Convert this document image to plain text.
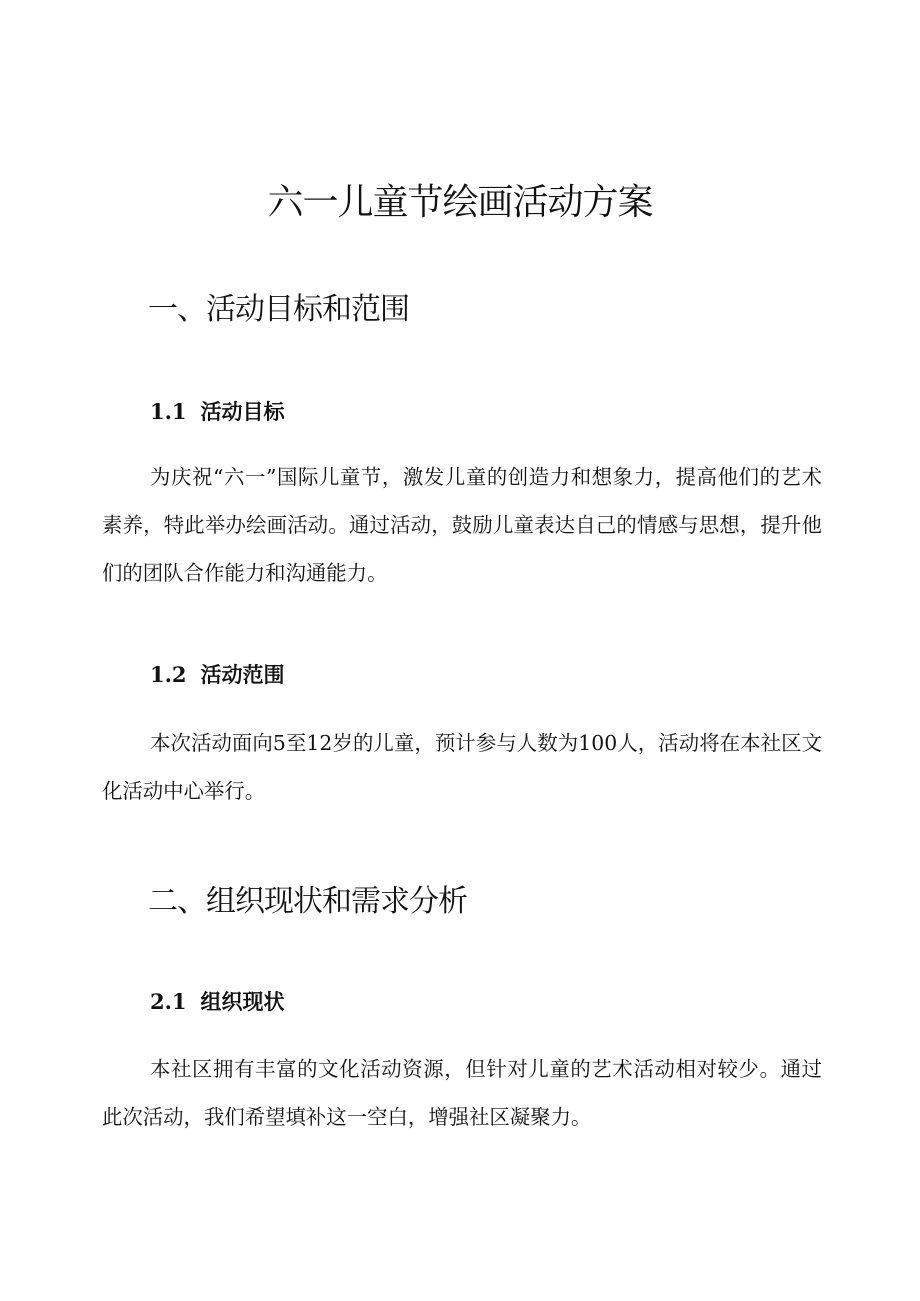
六一儿童节绘画活动方案
一、活动目标和范围
1.1 活动目标

为庆祝“六一”国际儿童节，激发儿童的创造力和想象力，提高他们的艺术素养，特此举办绘画活动。通过活动，鼓励儿童表达自己的情感与思想，提升他们的团队合作能力和沟通能力。

1.2 活动范围

本次活动面向5至12岁的儿童，预计参与人数为100人，活动将在本社区文化活动中心举行。

二、组织现状和需求分析
2.1 组织现状

本社区拥有丰富的文化活动资源，但针对儿童的艺术活动相对较少。通过此次活动，我们希望填补这一空白，增强社区凝聚力。
